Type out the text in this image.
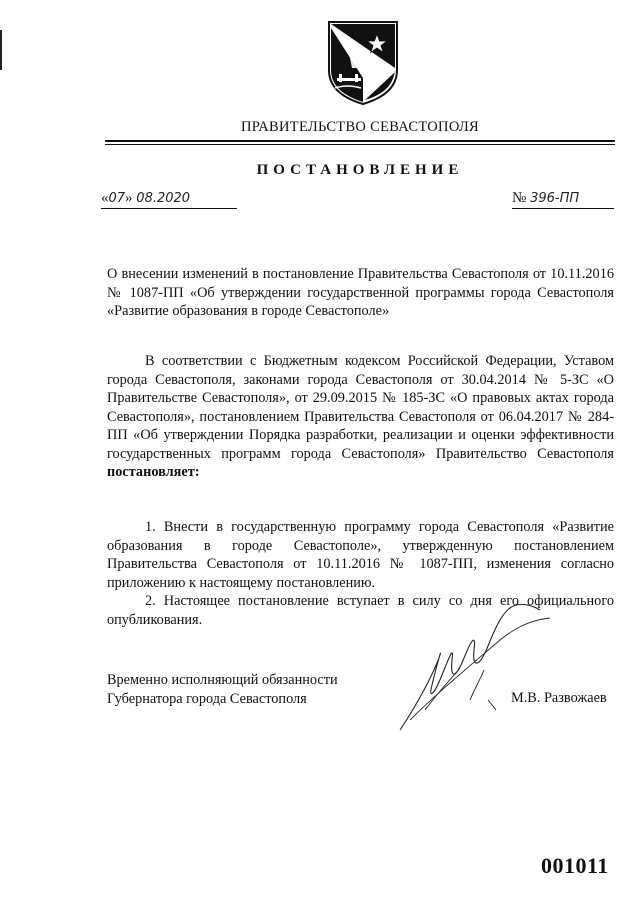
ПРАВИТЕЛЬСТВО СЕВАСТОПОЛЯ
ПОСТАНОВЛЕНИЕ
«07» 08.2020	№ 396-ПП
О внесении изменений в постановление Правительства Севастополя от 10.11.2016 № 1087-ПП «Об утверждении государственной программы города Севастополя «Развитие образования в городе Севастополе»
В соответствии с Бюджетным кодексом Российской Федерации, Уставом города Севастополя, законами города Севастополя от 30.04.2014 № 5-ЗС «О Правительстве Севастополя», от 29.09.2015 № 185-ЗС «О правовых актах города Севастополя», постановлением Правительства Севастополя от 06.04.2017 № 284-ПП «Об утверждении Порядка разработки, реализации и оценки эффективности государственных программ города Севастополя» Правительство Севастополя постановляет:

1. Внести в государственную программу города Севастополя «Развитие образования в городе Севастополе», утвержденную постановлением Правительства Севастополя от 10.11.2016 № 1087-ПП, изменения согласно приложению к настоящему постановлению.

2. Настоящее постановление вступает в силу со дня его официального опубликования.

Временно исполняющий обязанности
Губернатора города Севастополя	М.В. Развожаев
001011
